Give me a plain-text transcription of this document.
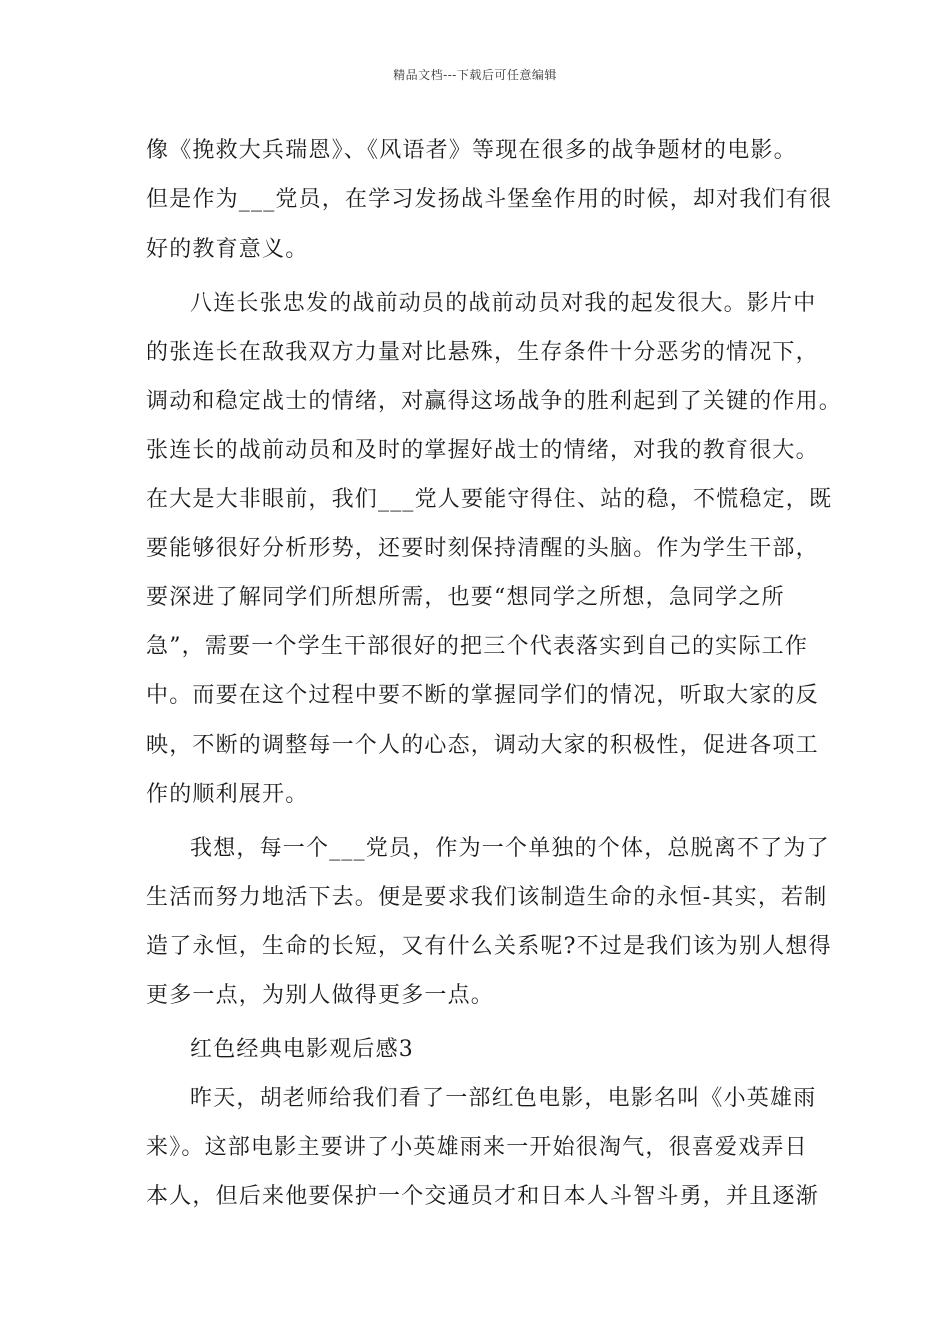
精品文档---下载后可任意编辑
像《挽救大兵瑞恩》、《风语者》等现在很多的战争题材的电影。
但是作为___党员，在学习发扬战斗堡垒作用的时候，却对我们有很
好的教育意义。
八连长张忠发的战前动员的战前动员对我的起发很大。影片中
的张连长在敌我双方力量对比悬殊，生存条件十分恶劣的情况下，
调动和稳定战士的情绪，对赢得这场战争的胜利起到了关键的作用。
张连长的战前动员和及时的掌握好战士的情绪，对我的教育很大。
在大是大非眼前，我们___党人要能守得住、站的稳，不慌稳定，既
要能够很好分析形势，还要时刻保持清醒的头脑。作为学生干部，
要深进了解同学们所想所需，也要“想同学之所想，急同学之所
急”，需要一个学生干部很好的把三个代表落实到自己的实际工作
中。而要在这个过程中要不断的掌握同学们的情况，听取大家的反
映，不断的调整每一个人的心态，调动大家的积极性，促进各项工
作的顺利展开。
我想，每一个___党员，作为一个单独的个体，总脱离不了为了
生活而努力地活下去。便是要求我们该制造生命的永恒-其实，若制
造了永恒，生命的长短，又有什么关系呢?不过是我们该为别人想得
更多一点，为别人做得更多一点。
红色经典电影观后感3
昨天，胡老师给我们看了一部红色电影，电影名叫《小英雄雨
来》。这部电影主要讲了小英雄雨来一开始很淘气，很喜爱戏弄日
本人，但后来他要保护一个交通员才和日本人斗智斗勇，并且逐渐
